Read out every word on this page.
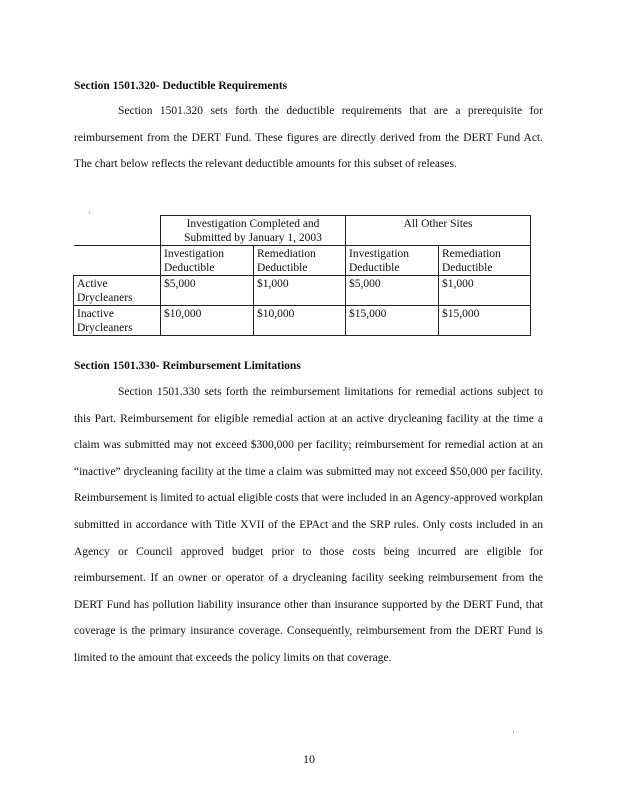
Section 1501.320- Deductible Requirements
Section 1501.320 sets forth the deductible requirements that are a prerequisite for reimbursement from the DERT Fund. These figures are directly derived from the DERT Fund Act. The chart below reflects the relevant deductible amounts for this subset of releases.
·
	Investigation Completed and Submitted by January 1, 2003		All Other Sites	
	Investigation Deductible	Remediation Deductible	Investigation Deductible	Remediation Deductible
Active Drycleaners	$5,000	$1,000	$5,000	$1,000
Inactive Drycleaners	$10,000	$10,000	$15,000	$15,000
Section 1501.330- Reimbursement Limitations
Section 1501.330 sets forth the reimbursement limitations for remedial actions subject to this Part. Reimbursement for eligible remedial action at an active drycleaning facility at the time a claim was submitted may not exceed $300,000 per facility; reimbursement for remedial action at an “inactive” drycleaning facility at the time a claim was submitted may not exceed $50,000 per facility. Reimbursement is limited to actual eligible costs that were included in an Agency-approved workplan submitted in accordance with Title XVII of the EPAct and the SRP rules. Only costs included in an Agency or Council approved budget prior to those costs being incurred are eligible for reimbursement. If an owner or operator of a drycleaning facility seeking reimbursement from the DERT Fund has pollution liability insurance other than insurance supported by the DERT Fund, that coverage is the primary insurance coverage. Consequently, reimbursement from the DERT Fund is limited to the amount that exceeds the policy limits on that coverage.
·
10
